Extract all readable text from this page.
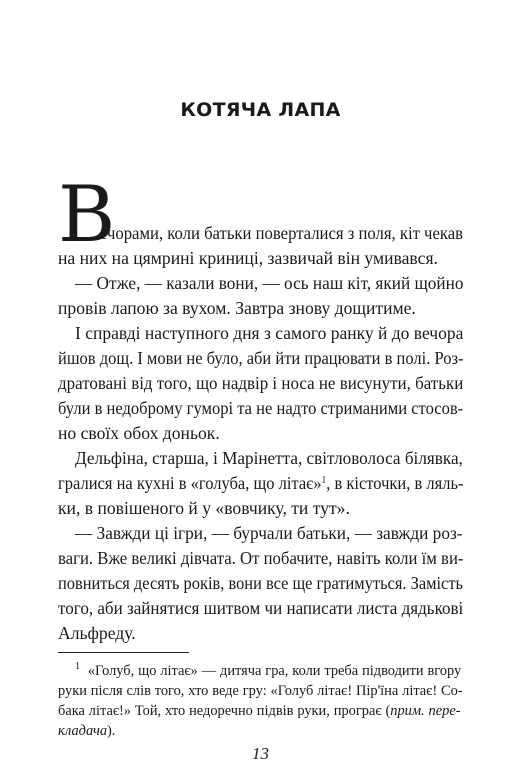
КОТЯЧА ЛАПА
В
ечорами, коли батьки поверталися з поля, кіт чекав
на них на цямрині криниці, зазвичай він умивався.
— Отже, — казали вони, — ось наш кіт, який щойно
провів лапою за вухом. Завтра знову дощитиме.
І справді наступного дня з самого ранку й до вечора
йшов дощ. І мови не було, аби йти працювати в полі. Роз-
дратовані від того, що надвір і носа не висунути, батьки
були в недоброму гуморі та не надто стриманими стосов-
но своїх обох доньок.
Дельфіна, старша, і Марінетта, світловолоса білявка,
гралися на кухні в «голуба, що літає»$^1$, в кісточки, в ляль-
ки, в повішеного й у «вовчику, ти тут».
— Завжди ці ігри, — бурчали батьки, — завжди роз-
ваги. Вже великі дівчата. От побачите, навіть коли їм ви-
повниться десять років, вони все ще гратимуться. Замість
того, аби зайнятися шитвом чи написати листа дядькові
Альфреду.
$^1$ «Голуб, що літає» — дитяча гра, коли треба підводити вгору
руки після слів того, хто веде гру: «Голуб літає! Пір'їна літає! Со-
бака літає!» Той, хто недоречно підвів руки, програє (прим. пере-
кладача).
13
